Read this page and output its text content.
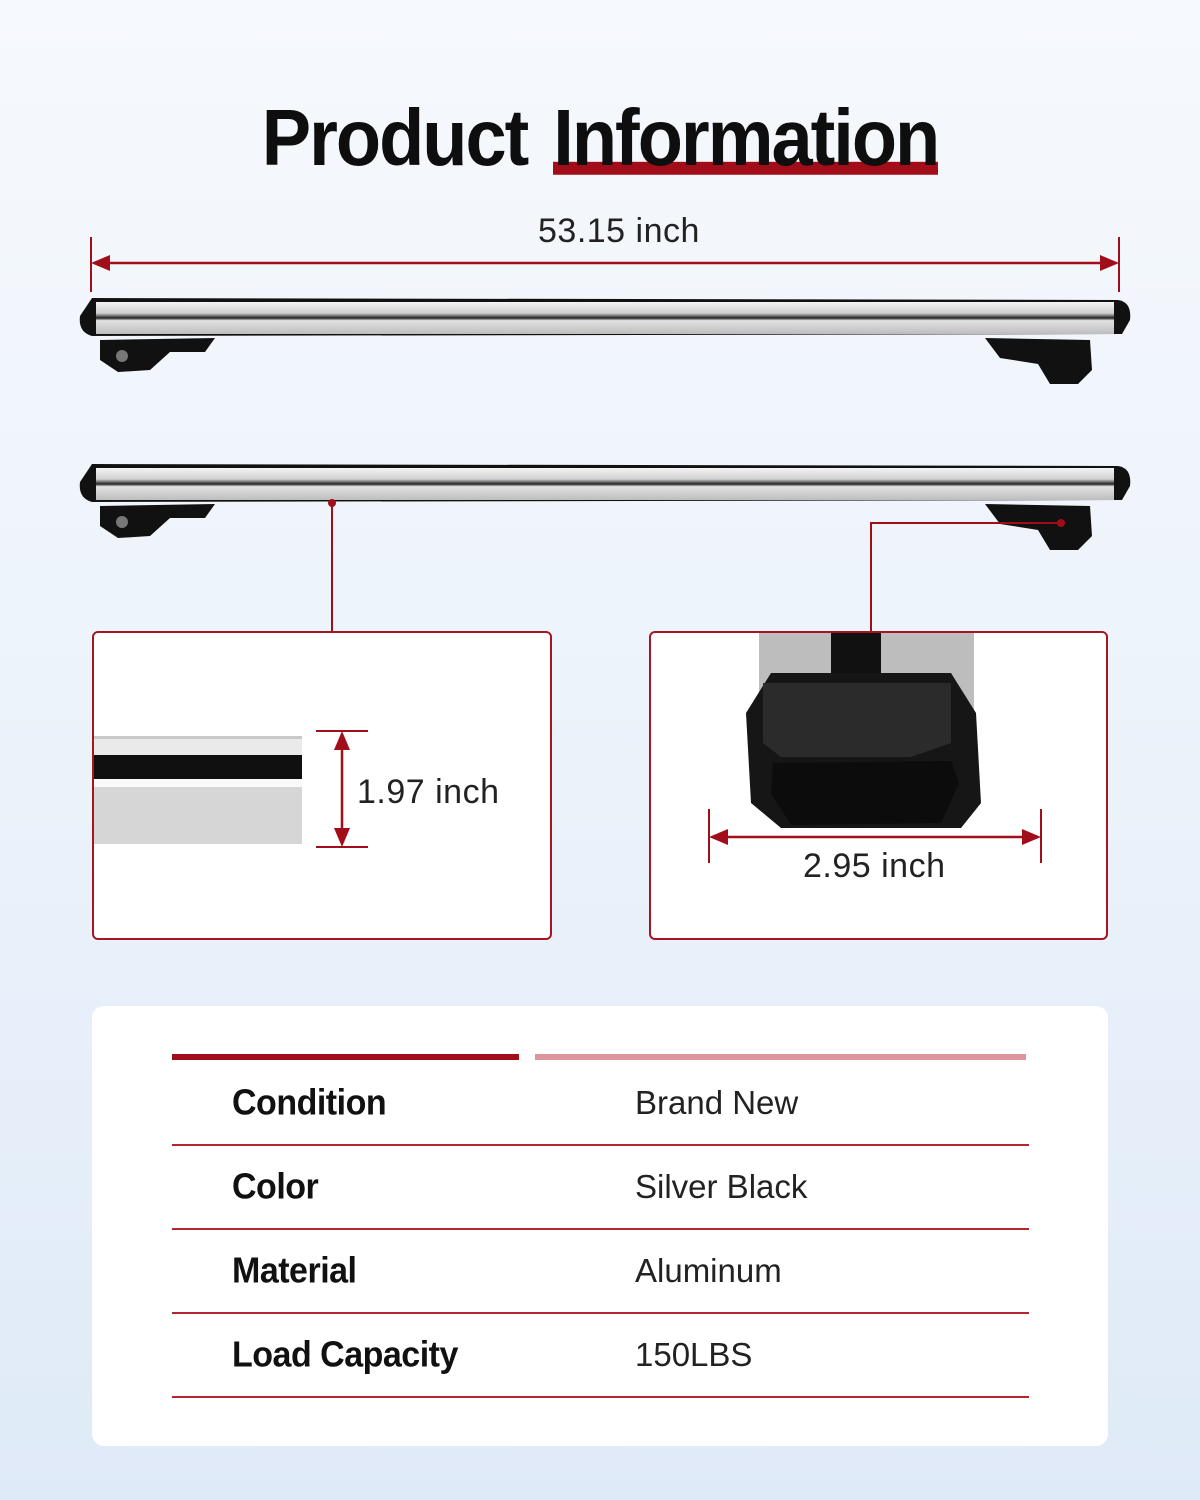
Product Information
53.15 inch
1.97 inch
2.95 inch
Condition	Brand New
Color	Silver Black
Material	Aluminum
Load Capacity	150LBS
